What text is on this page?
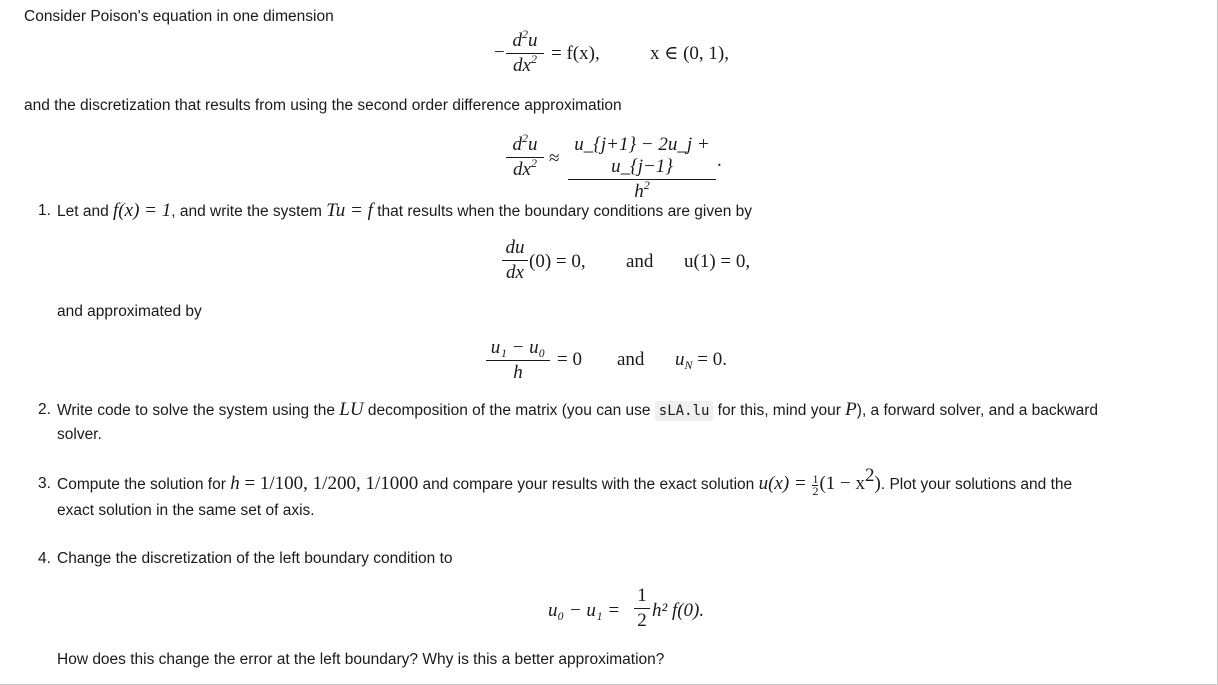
Consider Poison's equation in one dimension
−
$d^2u$
$dx^2 = f(x)$,	x ∈ (0, 1),
and the discretization that results from using the second order difference approximation
$d^2u$
$dx^2$ ≈
u_{j+1} − 2u_j + u_{j−1}
$h^2$
.
1. Let and f(x) = 1, and write the system Tu = f that results when the boundary conditions are given by
du
dx
(0) = 0, and u(1) = 0,
and approximated by
u₁ − u₀
h
= 0 and $u_N = 0$.
2. Write code to solve the system using the LU decomposition of the matrix (you can use sLA.lu for this, mind your P), a forward solver, and a backward
solver.
3. Compute the solution for h = 1/100, 1/200, 1/1000 and compare your results with the exact solution $u(x) = \frac{1}{2}(1 - x^2)$. Plot your solutions and the
exact solution in the same set of axis.
4. Change the discretization of the left boundary condition to
u₀ − u₁ =
1
2 h² f(0).
How does this change the error at the left boundary? Why is this a better approximation?
